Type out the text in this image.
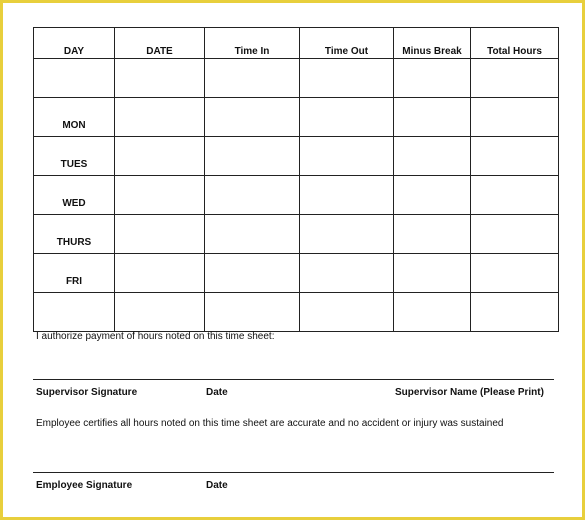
DAY	DATE	Time In	Time Out	Minus Break	Total Hours

MON					
TUES					
WED					
THURS					
FRI					

I authorize payment of hours noted on this time sheet:
Supervisor Signature	Date	Supervisor Name (Please Print)
Employee certifies all hours noted on this time sheet are accurate and no accident or injury was sustained
Employee Signature	Date
